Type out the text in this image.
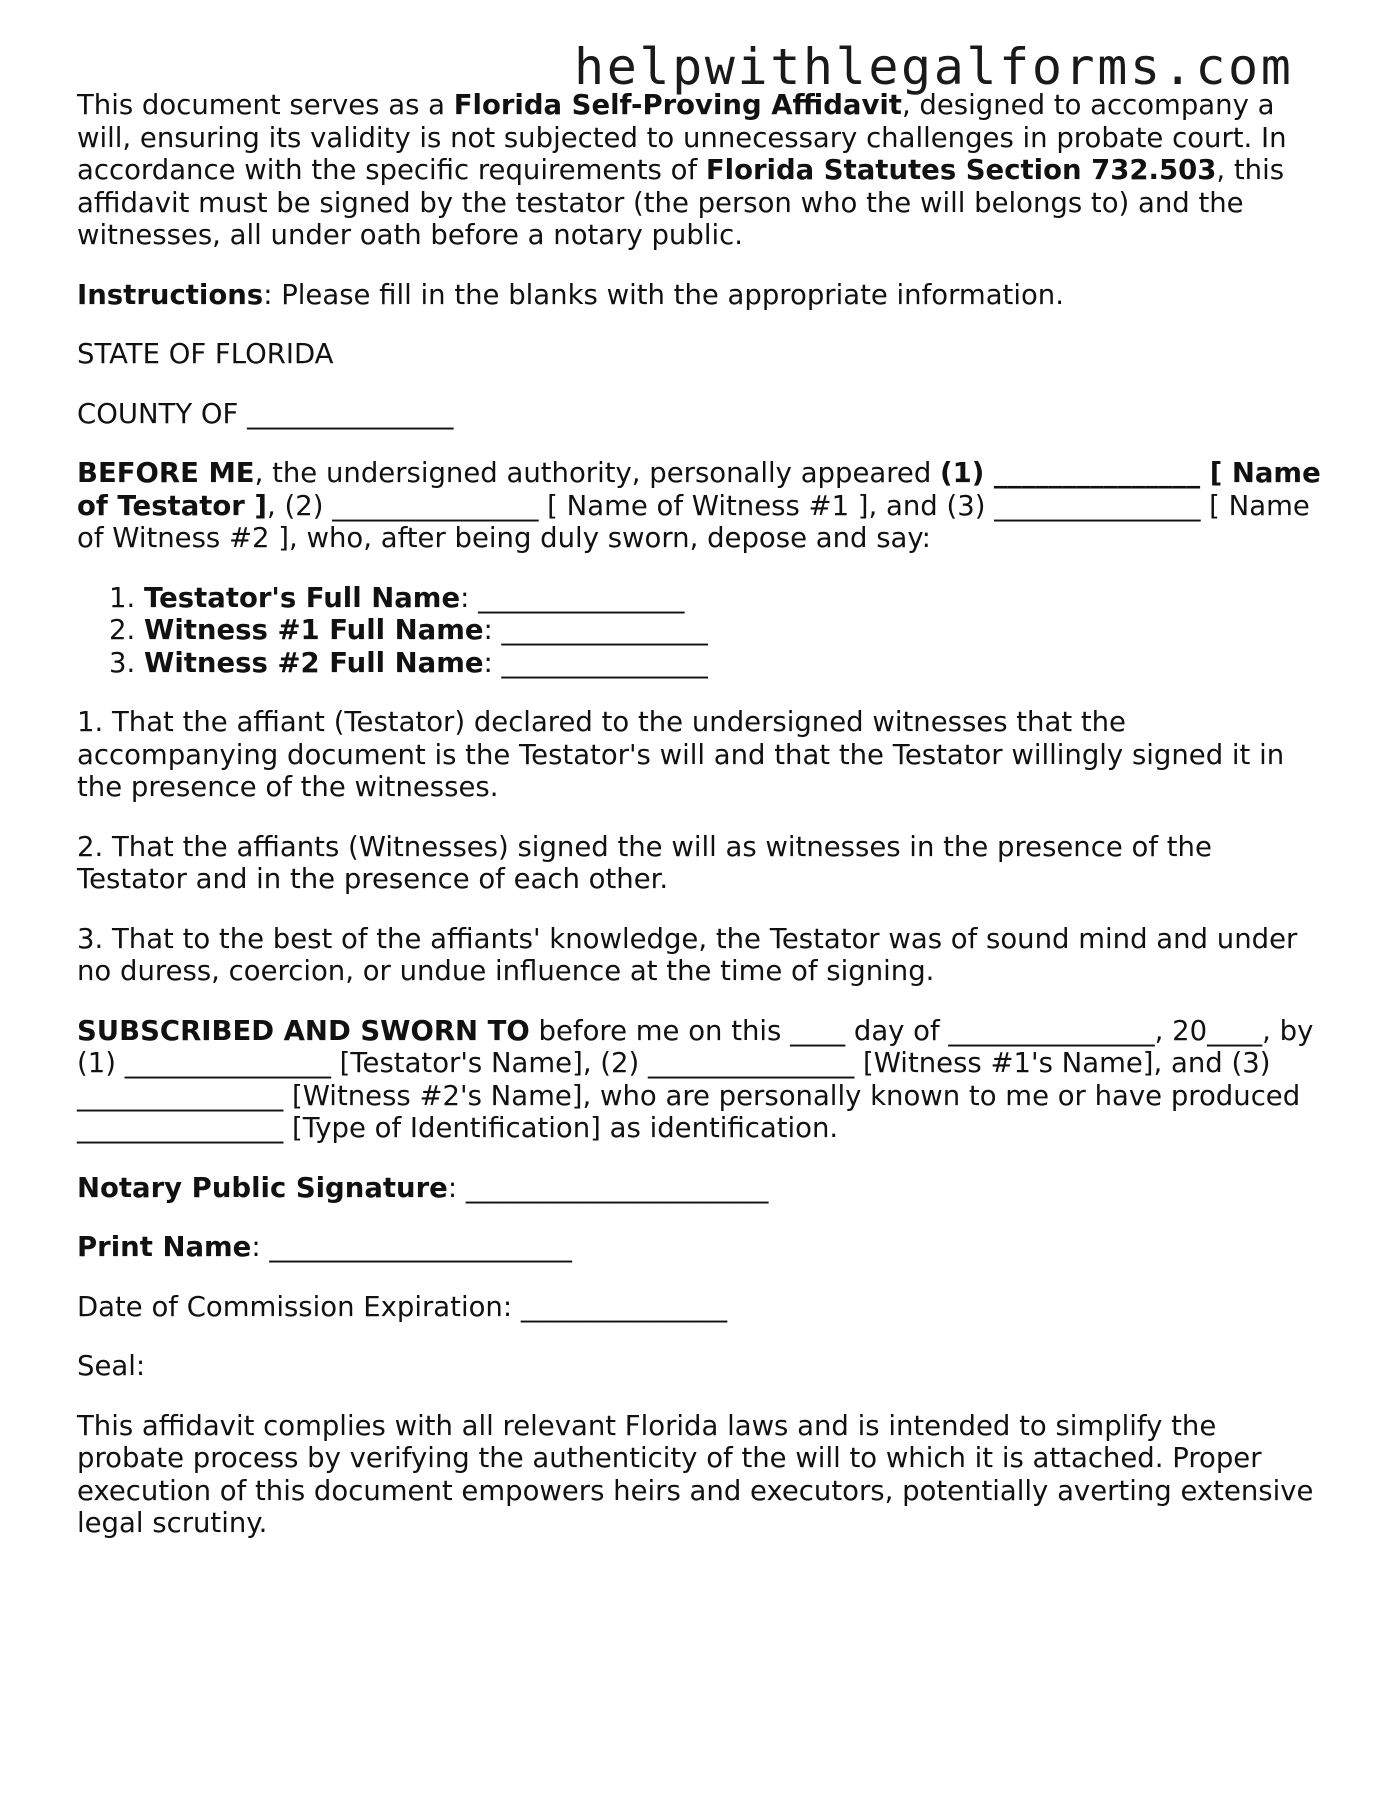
helpwithlegalforms.com

This document serves as a Florida Self-Proving Affidavit, designed to accompany a will, ensuring its validity is not subjected to unnecessary challenges in probate court. In accordance with the specific requirements of Florida Statutes Section 732.503, this affidavit must be signed by the testator (the person who the will belongs to) and the witnesses, all under oath before a notary public.

Instructions: Please fill in the blanks with the appropriate information.

STATE OF FLORIDA

COUNTY OF _______________

BEFORE ME, the undersigned authority, personally appeared (1) _______________ [ Name of Testator ], (2) _______________ [ Name of Witness #1 ], and (3) _______________ [ Name of Witness #2 ], who, after being duly sworn, depose and say:

1. Testator's Full Name: _______________
2. Witness #1 Full Name: _______________
3. Witness #2 Full Name: _______________

1. That the affiant (Testator) declared to the undersigned witnesses that the accompanying document is the Testator's will and that the Testator willingly signed it in the presence of the witnesses.

2. That the affiants (Witnesses) signed the will as witnesses in the presence of the Testator and in the presence of each other.

3. That to the best of the affiants' knowledge, the Testator was of sound mind and under no duress, coercion, or undue influence at the time of signing.

SUBSCRIBED AND SWORN TO before me on this ____ day of _______________, 20____, by (1) _______________ [Testator's Name], (2) _______________ [Witness #1's Name], and (3) _______________ [Witness #2's Name], who are personally known to me or have produced _______________ [Type of Identification] as identification.

Notary Public Signature: ______________________

Print Name: ______________________

Date of Commission Expiration: _______________

Seal:

This affidavit complies with all relevant Florida laws and is intended to simplify the probate process by verifying the authenticity of the will to which it is attached. Proper execution of this document empowers heirs and executors, potentially averting extensive legal scrutiny.
